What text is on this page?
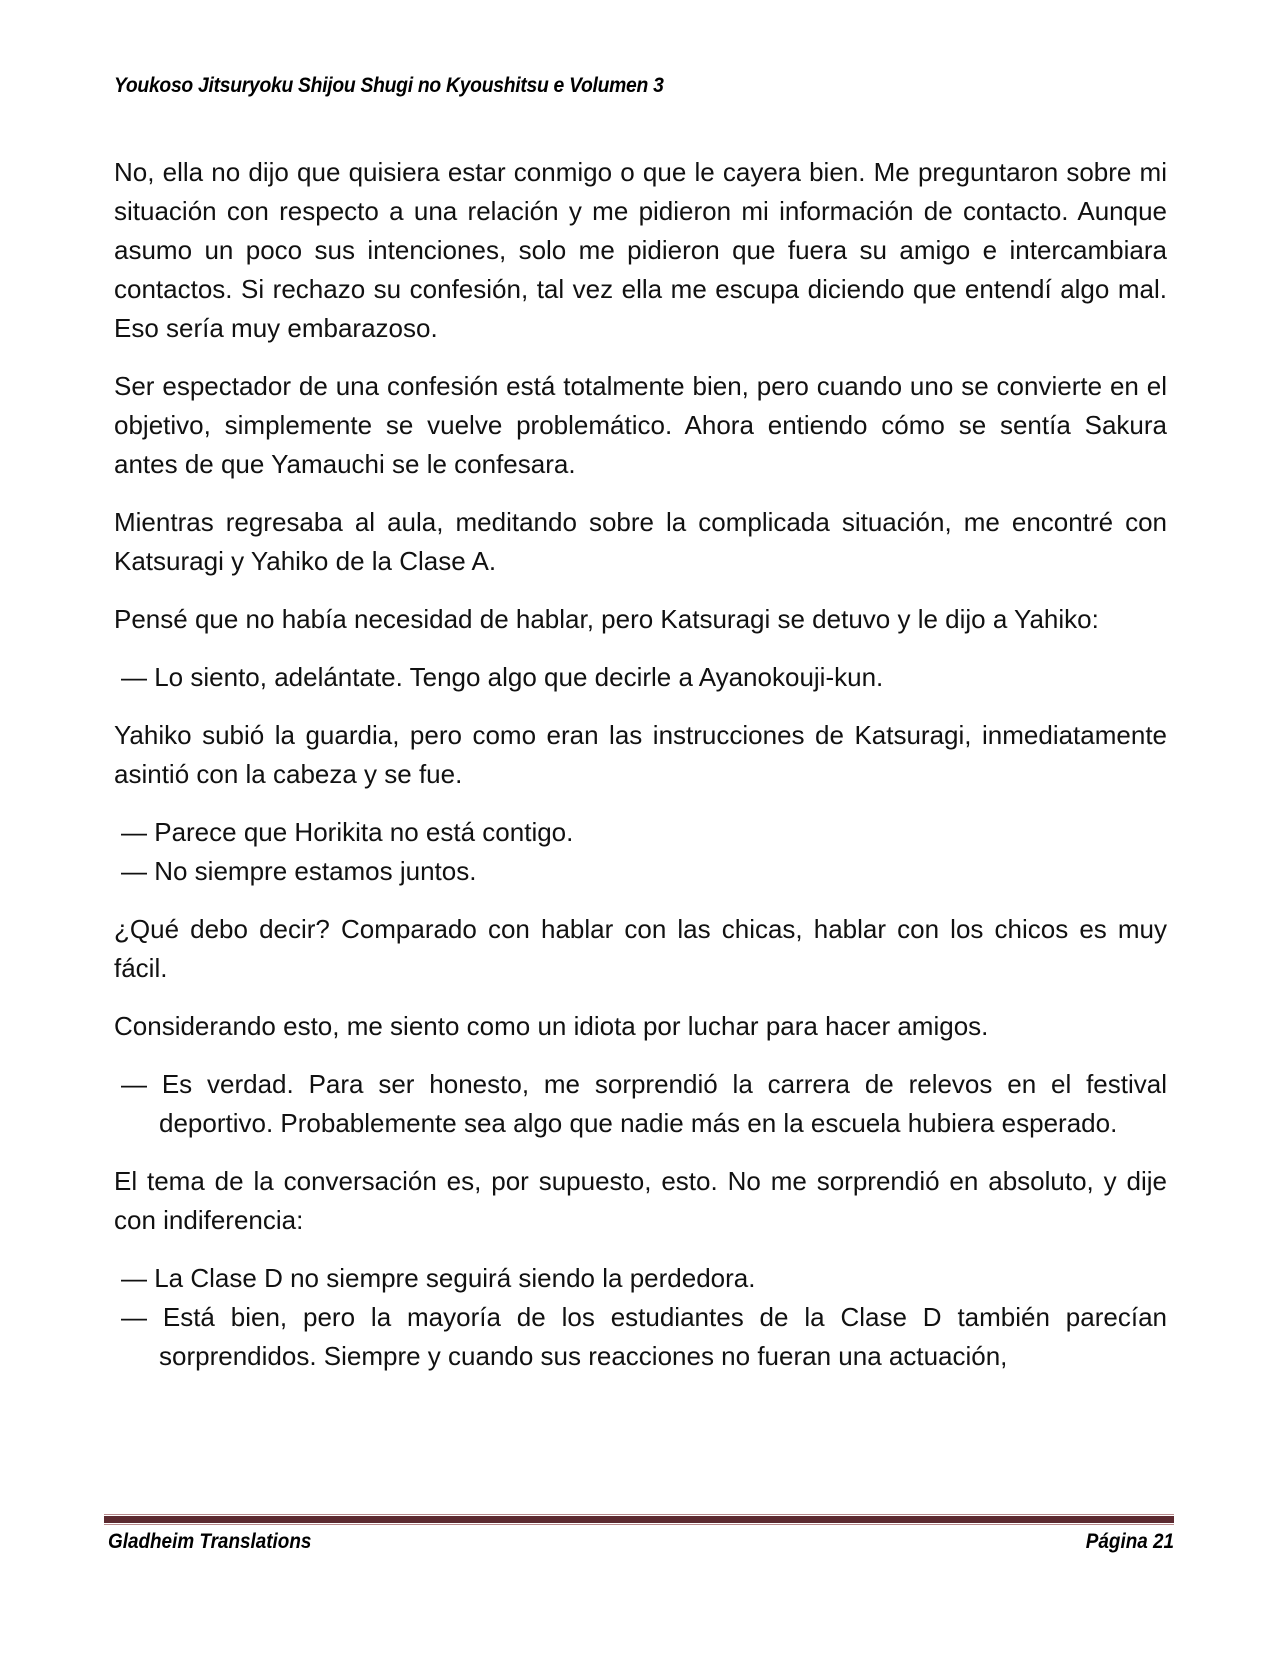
Youkoso Jitsuryoku Shijou Shugi no Kyoushitsu e Volumen 3

No, ella no dijo que quisiera estar conmigo o que le cayera bien. Me preguntaron sobre mi situación con respecto a una relación y me pidieron mi información de contacto. Aunque asumo un poco sus intenciones, solo me pidieron que fuera su amigo e intercambiara contactos. Si rechazo su confesión, tal vez ella me escupa diciendo que entendí algo mal. Eso sería muy embarazoso.

Ser espectador de una confesión está totalmente bien, pero cuando uno se convierte en el objetivo, simplemente se vuelve problemático. Ahora entiendo cómo se sentía Sakura antes de que Yamauchi se le confesara.

Mientras regresaba al aula, meditando sobre la complicada situación, me encontré con Katsuragi y Yahiko de la Clase A.

Pensé que no había necesidad de hablar, pero Katsuragi se detuvo y le dijo a Yahiko:

— Lo siento, adelántate. Tengo algo que decirle a Ayanokouji-kun.

Yahiko subió la guardia, pero como eran las instrucciones de Katsuragi, inmediatamente asintió con la cabeza y se fue.

— Parece que Horikita no está contigo.

— No siempre estamos juntos.

¿Qué debo decir? Comparado con hablar con las chicas, hablar con los chicos es muy fácil.

Considerando esto, me siento como un idiota por luchar para hacer amigos.

— Es verdad. Para ser honesto, me sorprendió la carrera de relevos en el festival deportivo. Probablemente sea algo que nadie más en la escuela hubiera esperado.

El tema de la conversación es, por supuesto, esto. No me sorprendió en absoluto, y dije con indiferencia:

— La Clase D no siempre seguirá siendo la perdedora.

— Está bien, pero la mayoría de los estudiantes de la Clase D también parecían sorprendidos. Siempre y cuando sus reacciones no fueran una actuación,

Gladheim Translations	Página 21
